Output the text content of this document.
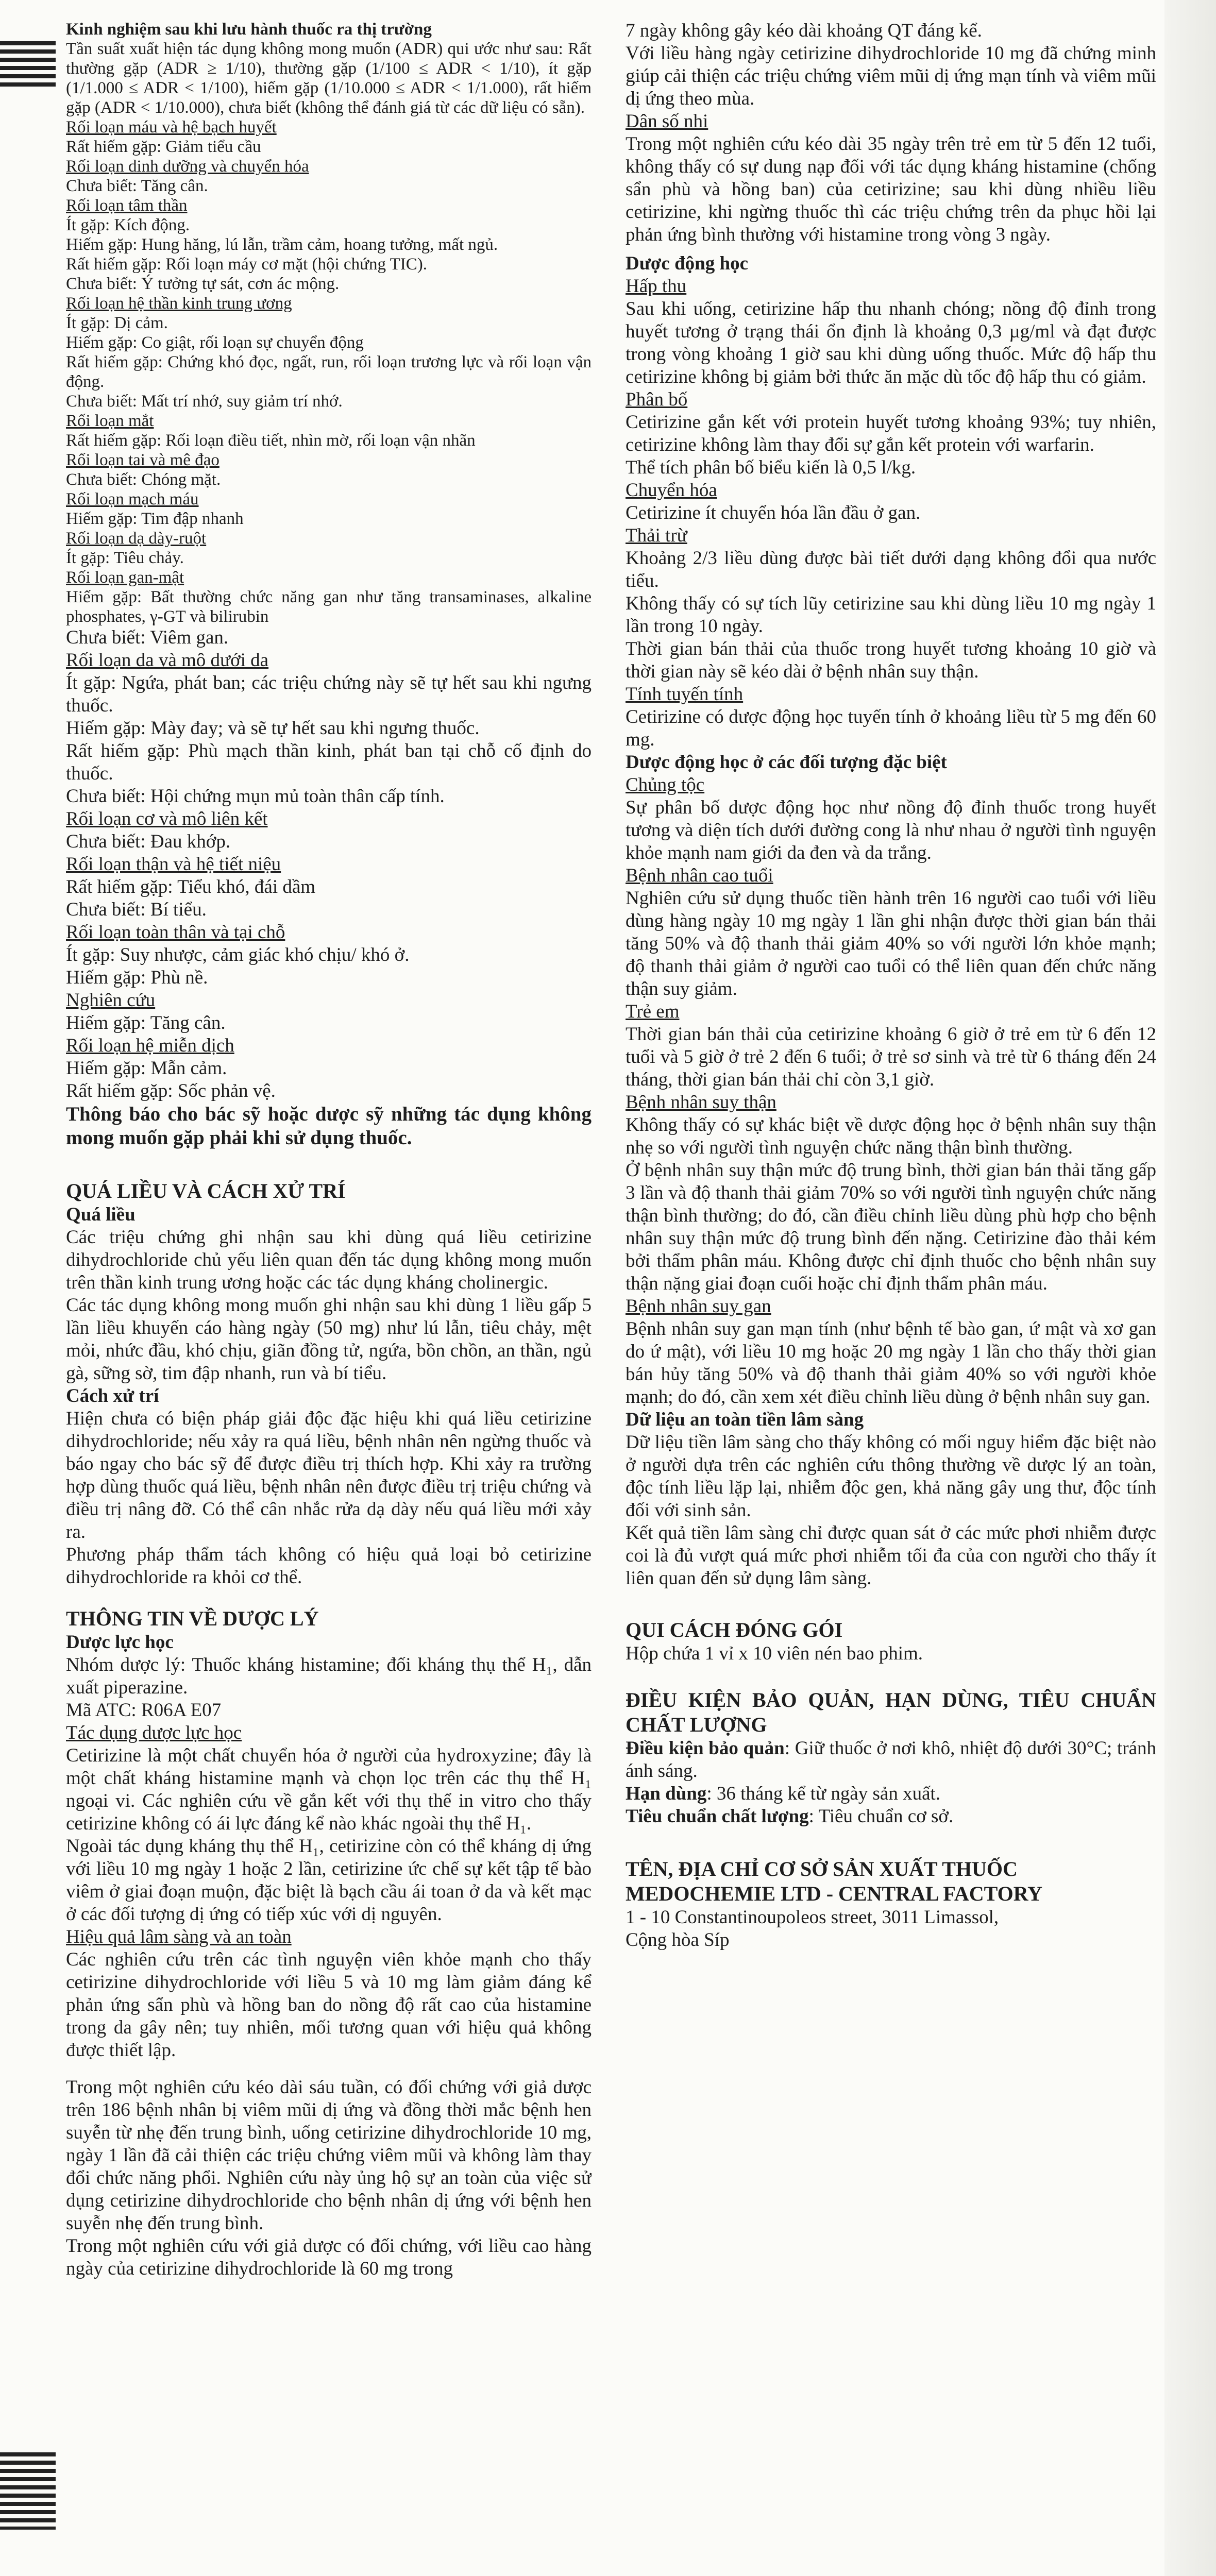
Kinh nghiệm sau khi lưu hành thuốc ra thị trường

Tần suất xuất hiện tác dụng không mong muốn (ADR) qui ước như sau: Rất thường gặp (ADR ≥ 1/10), thường gặp (1/100 ≤ ADR < 1/10), ít gặp (1/1.000 ≤ ADR < 1/100), hiếm gặp (1/10.000 ≤ ADR < 1/1.000), rất hiếm gặp (ADR < 1/10.000), chưa biết (không thể đánh giá từ các dữ liệu có sẵn).

Rối loạn máu và hệ bạch huyết

Rất hiếm gặp: Giảm tiểu cầu

Rối loạn dinh dưỡng và chuyển hóa

Chưa biết: Tăng cân.

Rối loạn tâm thần

Ít gặp: Kích động.

Hiếm gặp: Hung hăng, lú lẫn, trầm cảm, hoang tưởng, mất ngủ.

Rất hiếm gặp: Rối loạn máy cơ mặt (hội chứng TIC).

Chưa biết: Ý tưởng tự sát, cơn ác mộng.

Rối loạn hệ thần kinh trung ương

Ít gặp: Dị cảm.

Hiếm gặp: Co giật, rối loạn sự chuyển động

Rất hiếm gặp: Chứng khó đọc, ngất, run, rối loạn trương lực và rối loạn vận động.

Chưa biết: Mất trí nhớ, suy giảm trí nhớ.

Rối loạn mắt

Rất hiếm gặp: Rối loạn điều tiết, nhìn mờ, rối loạn vận nhãn

Rối loạn tai và mê đạo

Chưa biết: Chóng mặt.

Rối loạn mạch máu

Hiếm gặp: Tim đập nhanh

Rối loạn dạ dày-ruột

Ít gặp: Tiêu chảy.

Rối loạn gan-mật

Hiếm gặp: Bất thường chức năng gan như tăng transaminases, alkaline phosphates, γ-GT và bilirubin

Chưa biết: Viêm gan.

Rối loạn da và mô dưới da

Ít gặp: Ngứa, phát ban; các triệu chứng này sẽ tự hết sau khi ngưng thuốc.

Hiếm gặp: Mày đay; và sẽ tự hết sau khi ngưng thuốc.

Rất hiếm gặp: Phù mạch thần kinh, phát ban tại chỗ cố định do thuốc.

Chưa biết: Hội chứng mụn mủ toàn thân cấp tính.

Rối loạn cơ và mô liên kết

Chưa biết: Đau khớp.

Rối loạn thận và hệ tiết niệu

Rất hiếm gặp: Tiểu khó, đái dầm

Chưa biết: Bí tiểu.

Rối loạn toàn thân và tại chỗ

Ít gặp: Suy nhược, cảm giác khó chịu/ khó ở.

Hiếm gặp: Phù nề.

Nghiên cứu

Hiếm gặp: Tăng cân.

Rối loạn hệ miễn dịch

Hiếm gặp: Mẫn cảm.

Rất hiếm gặp: Sốc phản vệ.

Thông báo cho bác sỹ hoặc dược sỹ những tác dụng không mong muốn gặp phải khi sử dụng thuốc.

QUÁ LIỀU VÀ CÁCH XỬ TRÍ

Quá liều

Các triệu chứng ghi nhận sau khi dùng quá liều cetirizine dihydrochloride chủ yếu liên quan đến tác dụng không mong muốn trên thần kinh trung ương hoặc các tác dụng kháng cholinergic.

Các tác dụng không mong muốn ghi nhận sau khi dùng 1 liều gấp 5 lần liều khuyến cáo hàng ngày (50 mg) như lú lẫn, tiêu chảy, mệt mỏi, nhức đầu, khó chịu, giãn đồng tử, ngứa, bồn chồn, an thần, ngủ gà, sững sờ, tim đập nhanh, run và bí tiểu.

Cách xử trí

Hiện chưa có biện pháp giải độc đặc hiệu khi quá liều cetirizine dihydrochloride; nếu xảy ra quá liều, bệnh nhân nên ngừng thuốc và báo ngay cho bác sỹ để được điều trị thích hợp. Khi xảy ra trường hợp dùng thuốc quá liều, bệnh nhân nên được điều trị triệu chứng và điều trị nâng đỡ. Có thể cân nhắc rửa dạ dày nếu quá liều mới xảy ra.

Phương pháp thẩm tách không có hiệu quả loại bỏ cetirizine dihydrochloride ra khỏi cơ thể.

THÔNG TIN VỀ DƯỢC LÝ

Dược lực học

Nhóm dược lý: Thuốc kháng histamine; đối kháng thụ thể H₁, dẫn xuất piperazine.

Mã ATC: R06A E07

Tác dụng dược lực học

Cetirizine là một chất chuyển hóa ở người của hydroxyzine; đây là một chất kháng histamine mạnh và chọn lọc trên các thụ thể H₁ ngoại vi. Các nghiên cứu về gắn kết với thụ thể in vitro cho thấy cetirizine không có ái lực đáng kể nào khác ngoài thụ thể H₁.

Ngoài tác dụng kháng thụ thể H₁, cetirizine còn có thể kháng dị ứng với liều 10 mg ngày 1 hoặc 2 lần, cetirizine ức chế sự kết tập tế bào viêm ở giai đoạn muộn, đặc biệt là bạch cầu ái toan ở da và kết mạc ở các đối tượng dị ứng có tiếp xúc với dị nguyên.

Hiệu quả lâm sàng và an toàn

Các nghiên cứu trên các tình nguyện viên khỏe mạnh cho thấy cetirizine dihydrochloride với liều 5 và 10 mg làm giảm đáng kể phản ứng sẩn phù và hồng ban do nồng độ rất cao của histamine trong da gây nên; tuy nhiên, mối tương quan với hiệu quả không được thiết lập.

Trong một nghiên cứu kéo dài sáu tuần, có đối chứng với giả dược trên 186 bệnh nhân bị viêm mũi dị ứng và đồng thời mắc bệnh hen suyễn từ nhẹ đến trung bình, uống cetirizine dihydrochloride 10 mg, ngày 1 lần đã cải thiện các triệu chứng viêm mũi và không làm thay đổi chức năng phổi. Nghiên cứu này ủng hộ sự an toàn của việc sử dụng cetirizine dihydrochloride cho bệnh nhân dị ứng với bệnh hen suyễn nhẹ đến trung bình.

Trong một nghiên cứu với giả dược có đối chứng, với liều cao hàng ngày của cetirizine dihydrochloride là 60 mg trong

7 ngày không gây kéo dài khoảng QT đáng kể.

Với liều hàng ngày cetirizine dihydrochloride 10 mg đã chứng minh giúp cải thiện các triệu chứng viêm mũi dị ứng mạn tính và viêm mũi dị ứng theo mùa.

Dân số nhi

Trong một nghiên cứu kéo dài 35 ngày trên trẻ em từ 5 đến 12 tuổi, không thấy có sự dung nạp đối với tác dụng kháng histamine (chống sẩn phù và hồng ban) của cetirizine; sau khi dùng nhiều liều cetirizine, khi ngừng thuốc thì các triệu chứng trên da phục hồi lại phản ứng bình thường với histamine trong vòng 3 ngày.

Dược động học

Hấp thu

Sau khi uống, cetirizine hấp thu nhanh chóng; nồng độ đỉnh trong huyết tương ở trạng thái ổn định là khoảng 0,3 µg/ml và đạt được trong vòng khoảng 1 giờ sau khi dùng uống thuốc. Mức độ hấp thu cetirizine không bị giảm bởi thức ăn mặc dù tốc độ hấp thu có giảm.

Phân bố

Cetirizine gắn kết với protein huyết tương khoảng 93%; tuy nhiên, cetirizine không làm thay đổi sự gắn kết protein với warfarin.

Thể tích phân bố biểu kiến là 0,5 l/kg.

Chuyển hóa

Cetirizine ít chuyển hóa lần đầu ở gan.

Thải trừ

Khoảng 2/3 liều dùng được bài tiết dưới dạng không đổi qua nước tiểu.

Không thấy có sự tích lũy cetirizine sau khi dùng liều 10 mg ngày 1 lần trong 10 ngày.

Thời gian bán thải của thuốc trong huyết tương khoảng 10 giờ và thời gian này sẽ kéo dài ở bệnh nhân suy thận.

Tính tuyến tính

Cetirizine có dược động học tuyến tính ở khoảng liều từ 5 mg đến 60 mg.

Dược động học ở các đối tượng đặc biệt

Chủng tộc

Sự phân bố dược động học như nồng độ đỉnh thuốc trong huyết tương và diện tích dưới đường cong là như nhau ở người tình nguyện khỏe mạnh nam giới da đen và da trắng.

Bệnh nhân cao tuổi

Nghiên cứu sử dụng thuốc tiền hành trên 16 người cao tuổi với liều dùng hàng ngày 10 mg ngày 1 lần ghi nhận được thời gian bán thải tăng 50% và độ thanh thải giảm 40% so với người lớn khỏe mạnh; độ thanh thải giảm ở người cao tuổi có thể liên quan đến chức năng thận suy giảm.

Trẻ em

Thời gian bán thải của cetirizine khoảng 6 giờ ở trẻ em từ 6 đến 12 tuổi và 5 giờ ở trẻ 2 đến 6 tuổi; ở trẻ sơ sinh và trẻ từ 6 tháng đến 24 tháng, thời gian bán thải chỉ còn 3,1 giờ.

Bệnh nhân suy thận

Không thấy có sự khác biệt về dược động học ở bệnh nhân suy thận nhẹ so với người tình nguyện chức năng thận bình thường.

Ở bệnh nhân suy thận mức độ trung bình, thời gian bán thải tăng gấp 3 lần và độ thanh thải giảm 70% so với người tình nguyện chức năng thận bình thường; do đó, cần điều chỉnh liều dùng phù hợp cho bệnh nhân suy thận mức độ trung bình đến nặng. Cetirizine đào thải kém bởi thẩm phân máu. Không được chỉ định thuốc cho bệnh nhân suy thận nặng giai đoạn cuối hoặc chỉ định thẩm phân máu.

Bệnh nhân suy gan

Bệnh nhân suy gan mạn tính (như bệnh tế bào gan, ứ mật và xơ gan do ứ mật), với liều 10 mg hoặc 20 mg ngày 1 lần cho thấy thời gian bán hủy tăng 50% và độ thanh thải giảm 40% so với người khỏe mạnh; do đó, cần xem xét điều chỉnh liều dùng ở bệnh nhân suy gan.

Dữ liệu an toàn tiền lâm sàng

Dữ liệu tiền lâm sàng cho thấy không có mối nguy hiểm đặc biệt nào ở người dựa trên các nghiên cứu thông thường về dược lý an toàn, độc tính liều lặp lại, nhiễm độc gen, khả năng gây ung thư, độc tính đối với sinh sản.

Kết quả tiền lâm sàng chỉ được quan sát ở các mức phơi nhiễm được coi là đủ vượt quá mức phơi nhiễm tối đa của con người cho thấy ít liên quan đến sử dụng lâm sàng.

QUI CÁCH ĐÓNG GÓI

Hộp chứa 1 vỉ x 10 viên nén bao phim.

ĐIỀU KIỆN BẢO QUẢN, HẠN DÙNG, TIÊU CHUẨN CHẤT LƯỢNG

Điều kiện bảo quản: Giữ thuốc ở nơi khô, nhiệt độ dưới 30°C; tránh ánh sáng.

Hạn dùng: 36 tháng kể từ ngày sản xuất.

Tiêu chuẩn chất lượng: Tiêu chuẩn cơ sở.

TÊN, ĐỊA CHỈ CƠ SỞ SẢN XUẤT THUỐC

MEDOCHEMIE LTD - CENTRAL FACTORY

1 - 10 Constantinoupoleos street, 3011 Limassol,

Cộng hòa Síp
